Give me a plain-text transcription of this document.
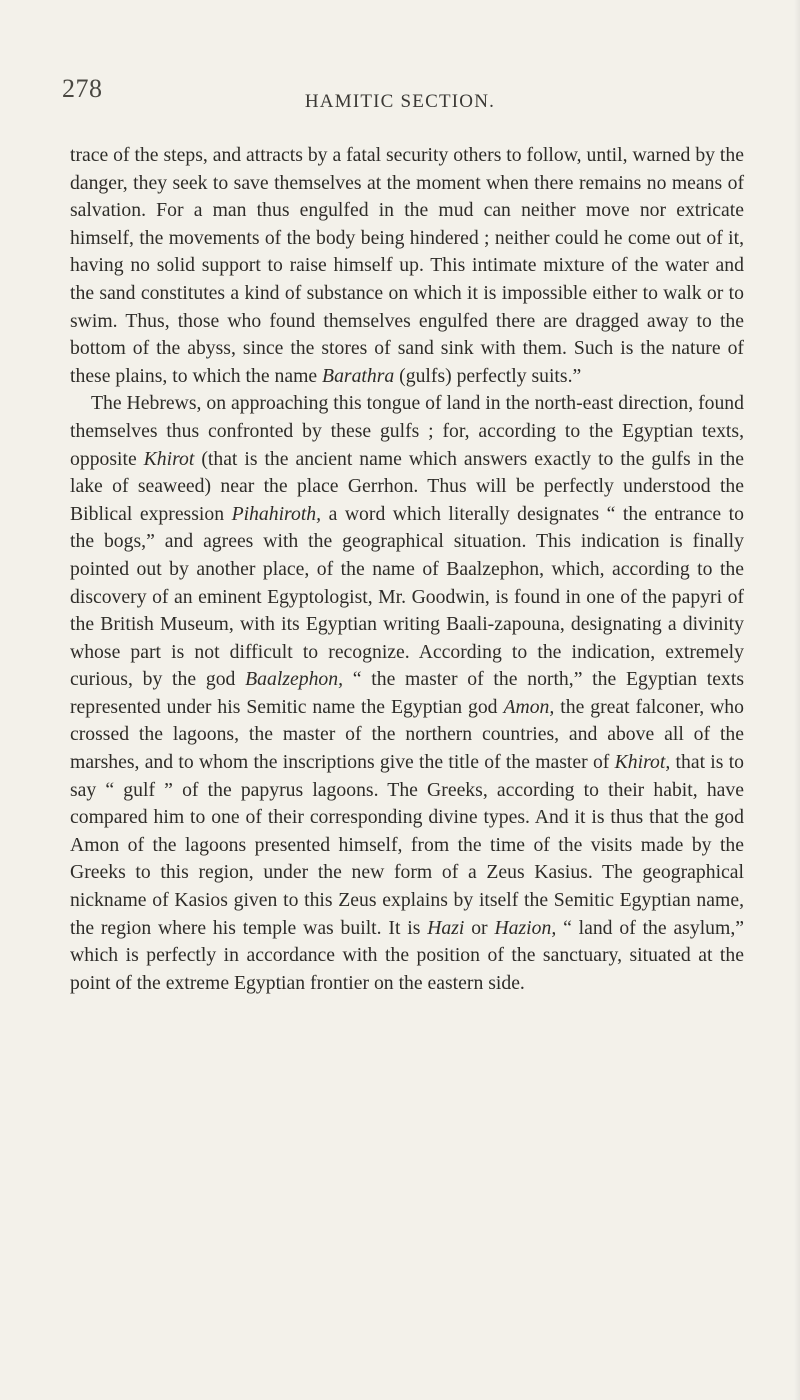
278	HAMITIC SECTION.

trace of the steps, and attracts by a fatal security others to follow, until, warned by the danger, they seek to save themselves at the moment when there remains no means of salvation. For a man thus engulfed in the mud can neither move nor extricate himself, the movements of the body being hindered ; neither could he come out of it, having no solid support to raise himself up. This intimate mixture of the water and the sand constitutes a kind of substance on which it is impossible either to walk or to swim. Thus, those who found themselves engulfed there are dragged away to the bottom of the abyss, since the stores of sand sink with them. Such is the nature of these plains, to which the name Barathra (gulfs) perfectly suits.”

The Hebrews, on approaching this tongue of land in the north-east direction, found themselves thus confronted by these gulfs ; for, according to the Egyptian texts, opposite Khirot (that is the ancient name which answers exactly to the gulfs in the lake of seaweed) near the place Gerrhon. Thus will be perfectly understood the Biblical expression Pihahiroth, a word which literally designates “ the entrance to the bogs,” and agrees with the geographical situation. This indication is finally pointed out by another place, of the name of Baalzephon, which, according to the discovery of an eminent Egyptologist, Mr. Goodwin, is found in one of the papyri of the British Museum, with its Egyptian writing Baali-zapouna, designating a divinity whose part is not difficult to recognize. According to the indication, extremely curious, by the god Baalzephon, “ the master of the north,” the Egyptian texts represented under his Semitic name the Egyptian god Amon, the great falconer, who crossed the lagoons, the master of the northern countries, and above all of the marshes, and to whom the inscriptions give the title of the master of Khirot, that is to say “ gulf ” of the papyrus lagoons. The Greeks, according to their habit, have compared him to one of their corresponding divine types. And it is thus that the god Amon of the lagoons presented himself, from the time of the visits made by the Greeks to this region, under the new form of a Zeus Kasius. The geographical nickname of Kasios given to this Zeus explains by itself the Semitic Egyptian name, the region where his temple was built. It is Hazi or Hazion, “ land of the asylum,” which is perfectly in accordance with the position of the sanctuary, situated at the point of the extreme Egyptian frontier on the eastern side.
